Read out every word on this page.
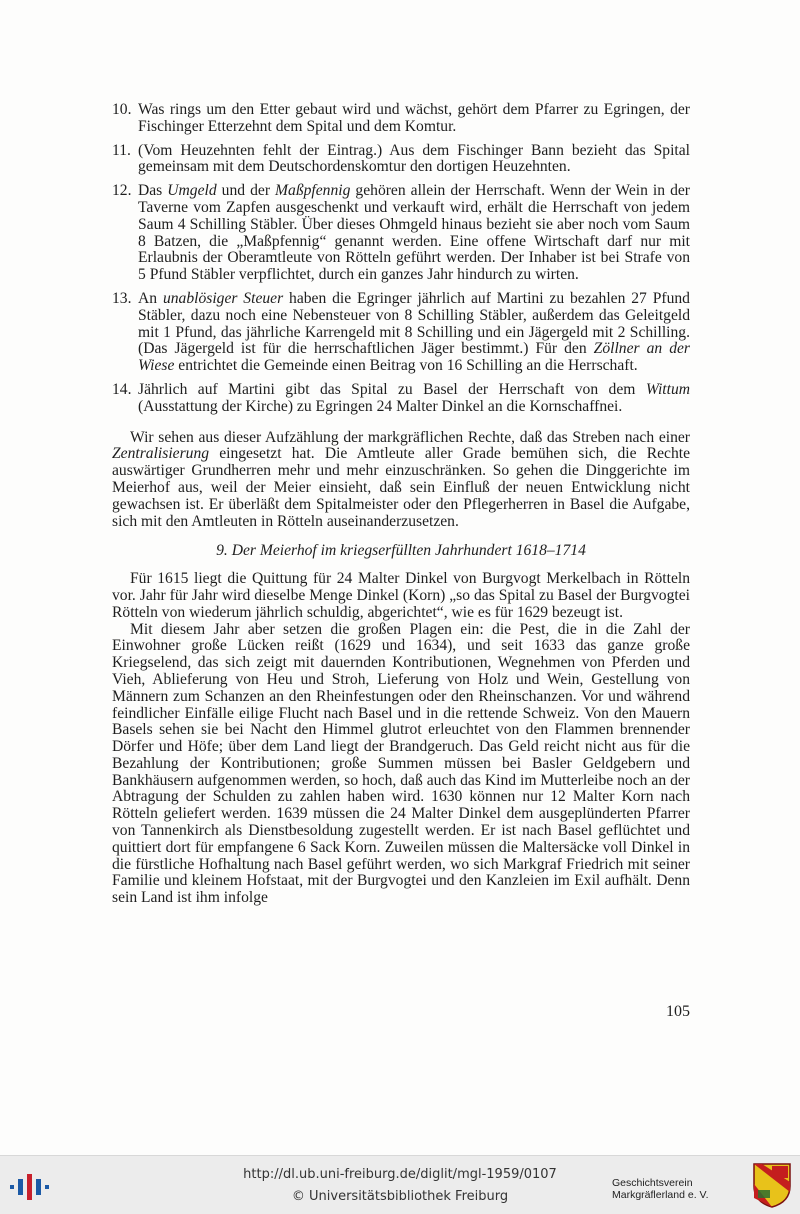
10. Was rings um den Etter gebaut wird und wächst, gehört dem Pfarrer zu Egringen, der Fischinger Etterzehnt dem Spital und dem Komtur.

11. (Vom Heuzehnten fehlt der Eintrag.) Aus dem Fischinger Bann bezieht das Spital gemeinsam mit dem Deutschordenskomtur den dortigen Heuzehnten.

12. Das Umgeld und der Maßpfennig gehören allein der Herrschaft. Wenn der Wein in der Taverne vom Zapfen ausgeschenkt und verkauft wird, erhält die Herrschaft von jedem Saum 4 Schilling Stäbler. Über dieses Ohmgeld hinaus bezieht sie aber noch vom Saum 8 Batzen, die „Maßpfennig“ genannt werden. Eine offene Wirtschaft darf nur mit Erlaubnis der Oberamtleute von Rötteln geführt werden. Der Inhaber ist bei Strafe von 5 Pfund Stäbler verpflichtet, durch ein ganzes Jahr hindurch zu wirten.

13. An unablösiger Steuer haben die Egringer jährlich auf Martini zu bezahlen 27 Pfund Stäbler, dazu noch eine Nebensteuer von 8 Schilling Stäbler, außerdem das Geleitgeld mit 1 Pfund, das jährliche Karrengeld mit 8 Schilling und ein Jägergeld mit 2 Schilling. (Das Jägergeld ist für die herrschaftlichen Jäger bestimmt.) Für den Zöllner an der Wiese entrichtet die Gemeinde einen Beitrag von 16 Schilling an die Herrschaft.

14. Jährlich auf Martini gibt das Spital zu Basel der Herrschaft von dem Wittum (Ausstattung der Kirche) zu Egringen 24 Malter Dinkel an die Kornschaffnei.

Wir sehen aus dieser Aufzählung der markgräflichen Rechte, daß das Streben nach einer Zentralisierung eingesetzt hat. Die Amtleute aller Grade bemühen sich, die Rechte auswärtiger Grundherren mehr und mehr einzuschränken. So gehen die Dinggerichte im Meierhof aus, weil der Meier einsieht, daß sein Einfluß der neuen Entwicklung nicht gewachsen ist. Er überläßt dem Spitalmeister oder den Pflegerherren in Basel die Aufgabe, sich mit den Amtleuten in Rötteln auseinanderzusetzen.

9. Der Meierhof im kriegserfüllten Jahrhundert 1618–1714

Für 1615 liegt die Quittung für 24 Malter Dinkel von Burgvogt Merkelbach in Rötteln vor. Jahr für Jahr wird dieselbe Menge Dinkel (Korn) „so das Spital zu Basel der Burgvogtei Rötteln von wiederum jährlich schuldig, abgerichtet“, wie es für 1629 bezeugt ist.

Mit diesem Jahr aber setzen die großen Plagen ein: die Pest, die in die Zahl der Einwohner große Lücken reißt (1629 und 1634), und seit 1633 das ganze große Kriegselend, das sich zeigt mit dauernden Kontributionen, Wegnehmen von Pferden und Vieh, Ablieferung von Heu und Stroh, Lieferung von Holz und Wein, Gestellung von Männern zum Schanzen an den Rheinfestungen oder den Rheinschanzen. Vor und während feindlicher Einfälle eilige Flucht nach Basel und in die rettende Schweiz. Von den Mauern Basels sehen sie bei Nacht den Himmel glutrot erleuchtet von den Flammen brennender Dörfer und Höfe; über dem Land liegt der Brandgeruch. Das Geld reicht nicht aus für die Bezahlung der Kontributionen; große Summen müssen bei Basler Geldgebern und Bankhäusern aufgenommen werden, so hoch, daß auch das Kind im Mutterleibe noch an der Abtragung der Schulden zu zahlen haben wird. 1630 können nur 12 Malter Korn nach Rötteln geliefert werden. 1639 müssen die 24 Malter Dinkel dem ausgeplünderten Pfarrer von Tannenkirch als Dienstbesoldung zugestellt werden. Er ist nach Basel geflüchtet und quittiert dort für empfangene 6 Sack Korn. Zuweilen müssen die Maltersäcke voll Dinkel in die fürstliche Hofhaltung nach Basel geführt werden, wo sich Markgraf Friedrich mit seiner Familie und kleinem Hofstaat, mit der Burgvogtei und den Kanzleien im Exil aufhält. Denn sein Land ist ihm infolge

105
http://dl.ub.uni-freiburg.de/diglit/mgl-1959/0107
© Universitätsbibliothek Freiburg
Geschichtsverein
Markgräflerland e. V.
